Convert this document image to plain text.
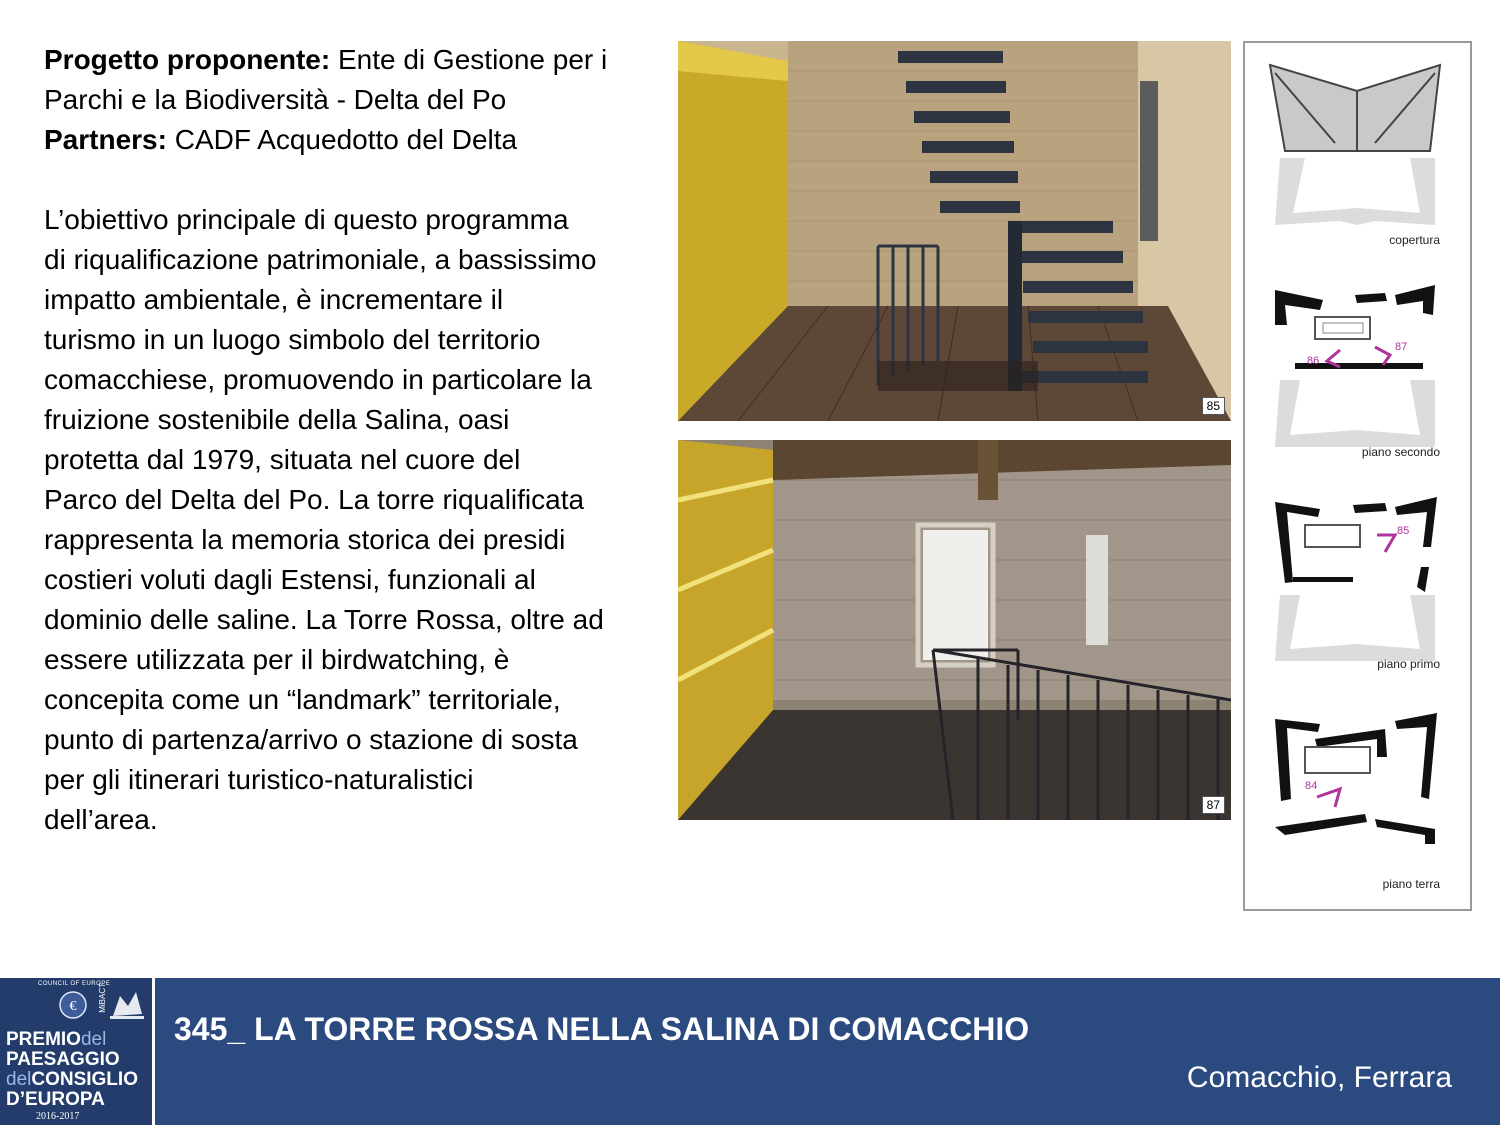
Progetto proponente: Ente di Gestione per i

Parchi e la Biodiversità - Delta del Po

Partners: CADF Acquedotto del Delta

L’obiettivo principale di questo programma

di riqualificazione patrimoniale, a bassissimo

impatto ambientale, è incrementare il

turismo in un luogo simbolo del territorio

comacchiese, promuovendo in particolare la

fruizione sostenibile della Salina, oasi

protetta dal 1979, situata nel cuore del

Parco del Delta del Po. La torre riqualificata

rappresenta la memoria storica dei presidi

costieri voluti dagli Estensi, funzionali al

dominio delle saline. La Torre Rossa, oltre ad

essere utilizzata per il birdwatching, è

concepita come un “landmark” territoriale,

punto di partenza/arrivo o stazione di sosta

per gli itinerari turistico-naturalistici

dell’area.

85
87
copertura
86
87
piano secondo
85
piano primo
84
piano terra
COUNCIL OF EUROPE
€	MiBACT
PREMIOdel
PAESAGGIO
delCONSIGLIO
D’EUROPA
2016-2017
345_ LA TORRE ROSSA NELLA SALINA DI COMACCHIO
Comacchio, Ferrara
